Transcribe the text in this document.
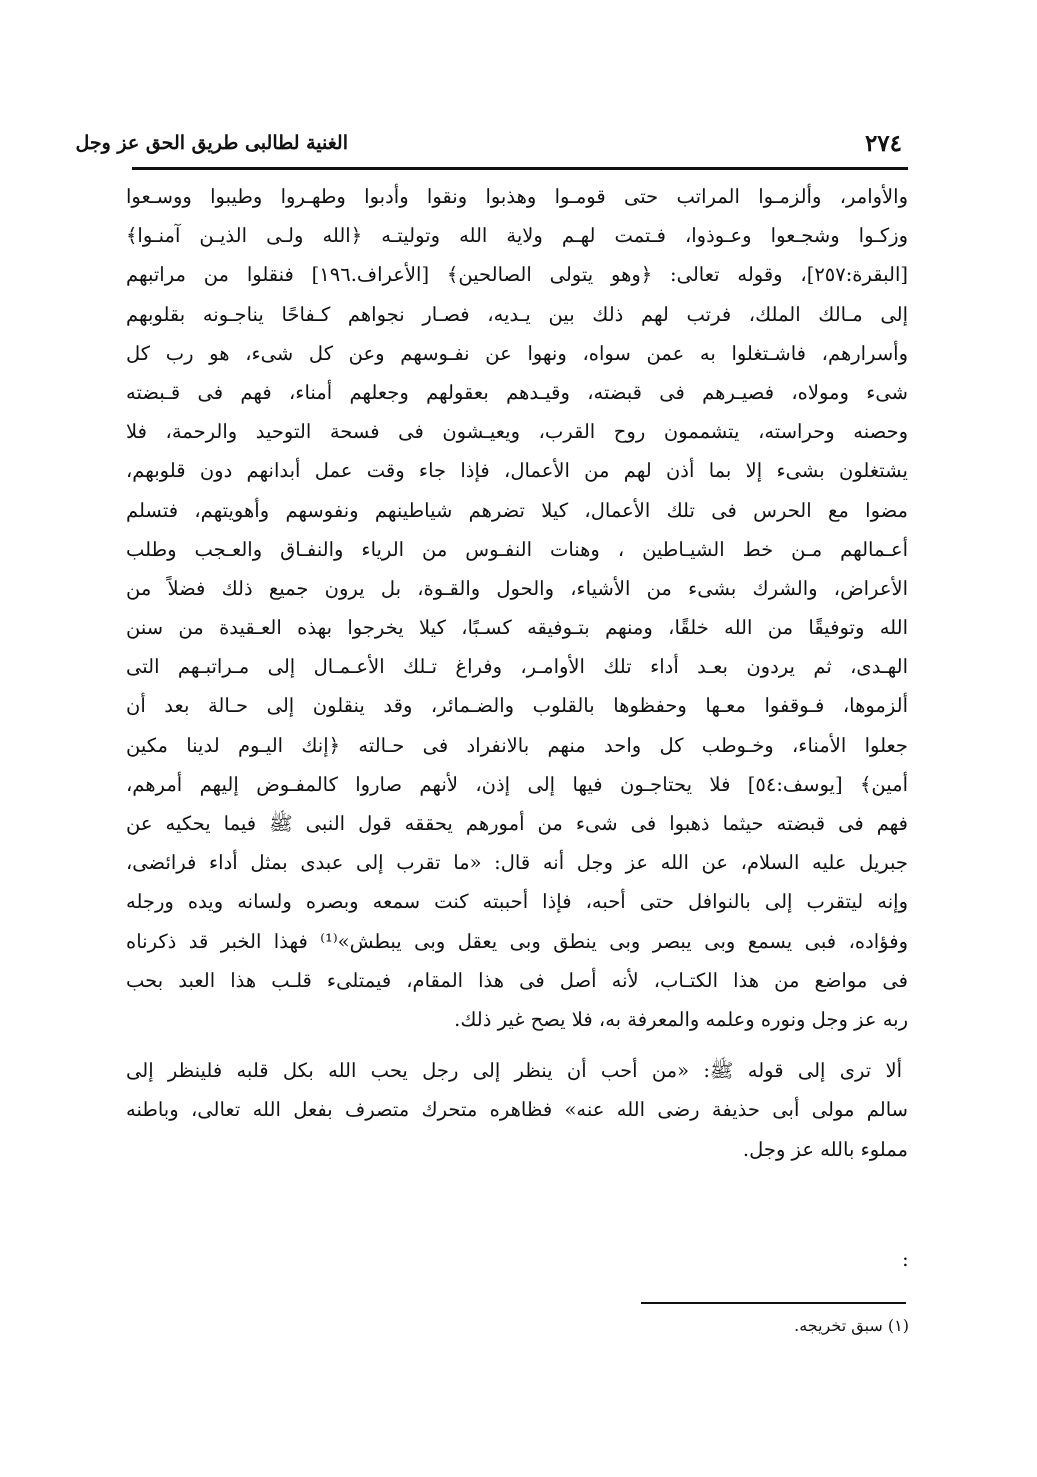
٢٧٤
الغنية لطالبى طريق الحق عز وجل
والأوامر، وألزمـوا المراتب حتى قومـوا وهذبوا ونقوا وأدبوا وطهـروا وطيبوا ووسـعوا
وزكـوا وشجـعوا وعـوذوا، فـتمت لهـم ولاية الله وتوليتـه ﴿الله ولـى الذيـن آمنـوا﴾
[البقرة:٢٥٧]، وقوله تعالى: ﴿وهو يتولى الصالحين﴾ [الأعراف.١٩٦] فنقلوا من مراتبهم
إلى مـالك الملك، فرتب لهم ذلك بين يـديه، فصـار نجواهم كـفاحًا يناجـونه بقلوبهم
وأسرارهم، فاشـتغلوا به عمن سواه، ونهوا عن نفـوسهم وعن كل شىء، هو رب كل
شىء ومولاه، فصيـرهم فى قبضته، وقيـدهم بعقولهم وجعلهم أمناء، فهم فى قـبضته
وحصنه وحراسته، يتشممون روح القرب، ويعيـشون فى فسحة التوحيد والرحمة، فلا
يشتغلون بشىء إلا بما أذن لهم من الأعمال، فإذا جاء وقت عمل أبدانهم دون قلوبهم،
مضوا مع الحرس فى تلك الأعمال، كيلا تضرهم شياطينهم ونفوسهم وأهويتهم، فتسلم
أعـمالهم مـن خط الشيـاطين ، وهنات النفـوس من الرياء والنفـاق والعـجب وطلب
الأعراض، والشرك بشىء من الأشياء، والحول والقـوة، بل يرون جميع ذلك فضلاً من
الله وتوفيقًا من الله خلقًا، ومنهم بتـوفيقه كسـبًا، كيلا يخرجوا بهذه العـقيدة من سنن
الهـدى، ثم يردون بعـد أداء تلك الأوامـر، وفراغ تـلك الأعـمـال إلى مـراتبـهم التى
ألزموها، فـوقفوا معـها وحفظوها بالقلوب والضـمائر، وقد ينقلون إلى حـالة بعد أن
جعلوا الأمناء، وخـوطب كل واحد منهم بالانفراد فى حـالته ﴿إنك اليـوم لدينا مكين
أمين﴾ [يوسف:٥٤] فلا يحتاجـون فيها إلى إذن، لأنهم صاروا كالمفـوض إليهم أمرهم،
فهم فى قبضته حيثما ذهبوا فى شىء من أمورهم يحققه قول النبى ﷺ فيما يحكيه عن
جبريل عليه السلام، عن الله عز وجل أنه قال: «ما تقرب إلى عبدى بمثل أداء فرائضى،
وإنه ليتقرب إلى بالنوافل حتى أحبه، فإذا أحببته كنت سمعه وبصره ولسانه ويده ورجله
وفؤاده، فبى يسمع وبى يبصر وبى ينطق وبى يعقل وبى يبطش»⁽¹⁾ فهذا الخبر قد ذكرناه
فى مواضع من هذا الكتـاب، لأنه أصل فى هذا المقام، فيمتلىء قلـب هذا العبد بحب
ربه عز وجل ونوره وعلمه والمعرفة به، فلا يصح غير ذلك.
ألا ترى إلى قوله ﷺ: «من أحب أن ينظر إلى رجل يحب الله بكل قلبه فلينظر إلى
سالم مولى أبى حذيفة رضى الله عنه» فظاهره متحرك متصرف بفعل الله تعالى، وباطنه
مملوء بالله عز وجل.
:
(١) سبق تخريجه.
